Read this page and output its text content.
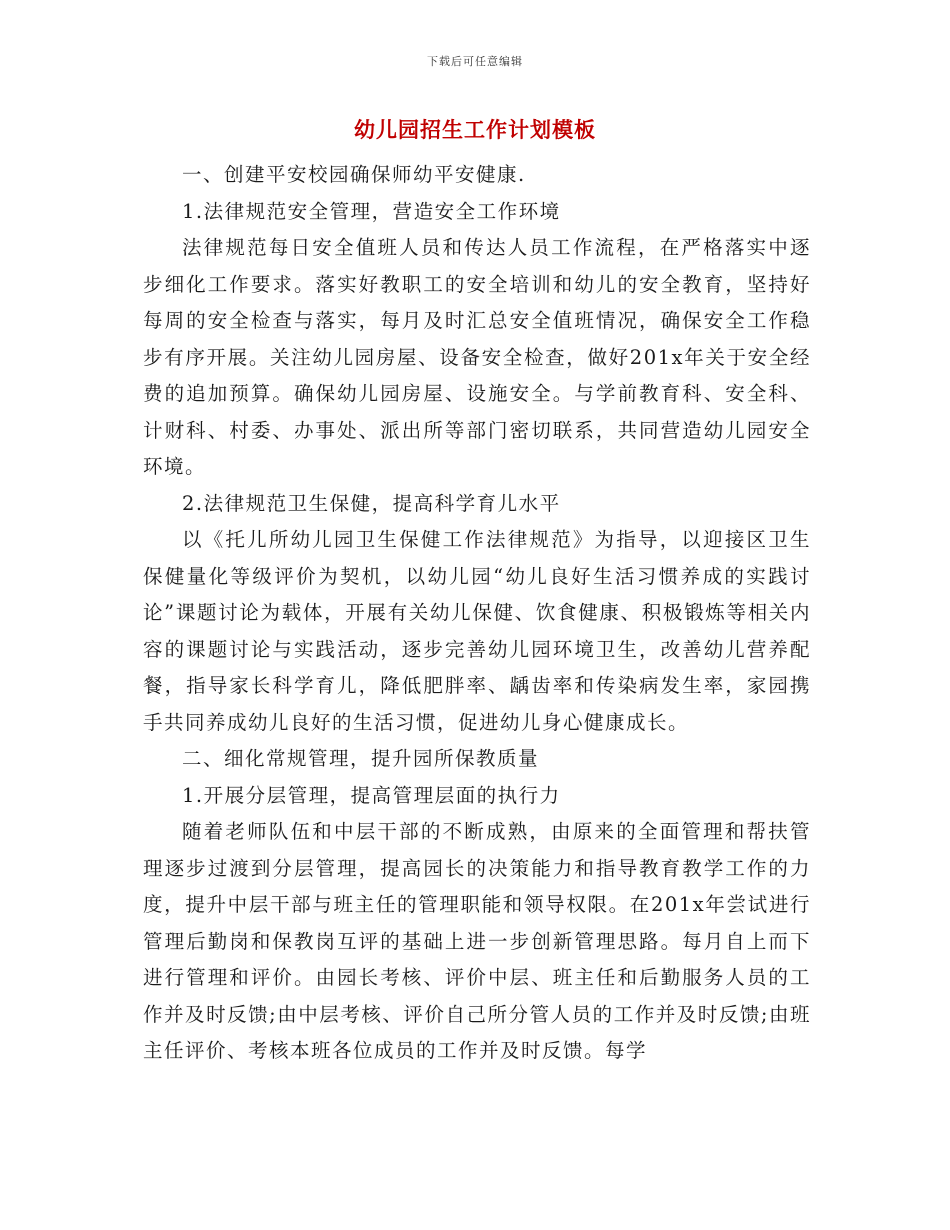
下载后可任意编辑
幼儿园招生工作计划模板

一、创建平安校园确保师幼平安健康.

1.法律规范安全管理，营造安全工作环境

法律规范每日安全值班人员和传达人员工作流程，在严格落实中逐步细化工作要求。落实好教职工的安全培训和幼儿的安全教育，坚持好每周的安全检查与落实，每月及时汇总安全值班情况，确保安全工作稳步有序开展。关注幼儿园房屋、设备安全检查，做好201x年关于安全经费的追加预算。确保幼儿园房屋、设施安全。与学前教育科、安全科、计财科、村委、办事处、派出所等部门密切联系，共同营造幼儿园安全环境。

2.法律规范卫生保健，提高科学育儿水平

以《托儿所幼儿园卫生保健工作法律规范》为指导，以迎接区卫生保健量化等级评价为契机，以幼儿园“幼儿良好生活习惯养成的实践讨论”课题讨论为载体，开展有关幼儿保健、饮食健康、积极锻炼等相关内容的课题讨论与实践活动，逐步完善幼儿园环境卫生，改善幼儿营养配餐，指导家长科学育儿，降低肥胖率、龋齿率和传染病发生率，家园携手共同养成幼儿良好的生活习惯，促进幼儿身心健康成长。

二、细化常规管理，提升园所保教质量

1.开展分层管理，提高管理层面的执行力

随着老师队伍和中层干部的不断成熟，由原来的全面管理和帮扶管理逐步过渡到分层管理，提高园长的决策能力和指导教育教学工作的力度，提升中层干部与班主任的管理职能和领导权限。在201x年尝试进行管理后勤岗和保教岗互评的基础上进一步创新管理思路。每月自上而下进行管理和评价。由园长考核、评价中层、班主任和后勤服务人员的工作并及时反馈;由中层考核、评价自己所分管人员的工作并及时反馈;由班主任评价、考核本班各位成员的工作并及时反馈。每学
